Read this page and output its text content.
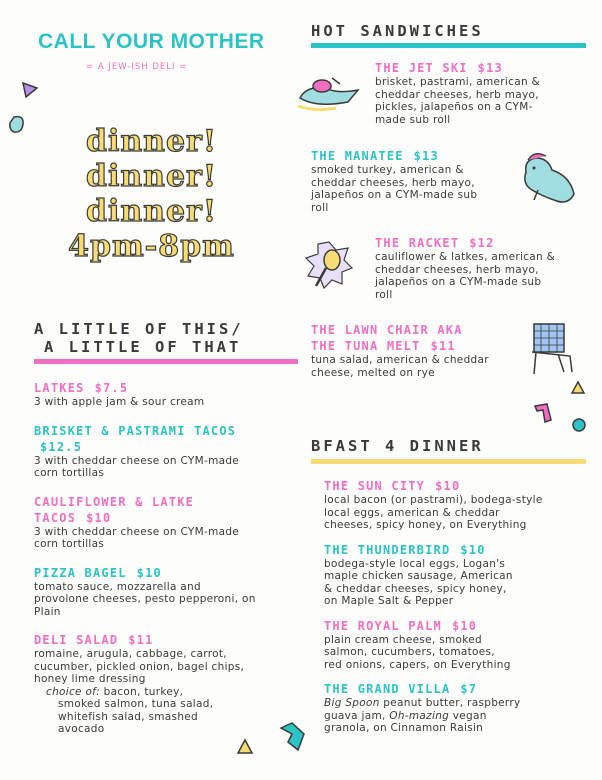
CALL YOUR MOTHER
= A JEW-ISH DELI =
dinner!
dinner!
dinner!
4pm-8pm
A LITTLE OF THIS/
A LITTLE OF THAT
LATKES $7.5
3 with apple jam & sour cream
BRISKET & PASTRAMI TACOS
$12.5
3 with cheddar cheese on CYM-made
corn tortillas
CAULIFLOWER & LATKE
TACOS $10
3 with cheddar cheese on CYM-made
corn tortillas
PIZZA BAGEL $10
tomato sauce, mozzarella and
provolone cheeses, pesto pepperoni, on
Plain
DELI SALAD $11
romaine, arugula, cabbage, carrot,
cucumber, pickled onion, bagel chips,
honey lime dressing
choice of: bacon, turkey,
smoked salmon, tuna salad,
whitefish salad, smashed
avocado
HOT SANDWICHES
THE JET SKI $13
brisket, pastrami, american &
cheddar cheeses, herb mayo,
pickles, jalapeños on a CYM-
made sub roll
THE MANATEE $13
smoked turkey, american &
cheddar cheeses, herb mayo,
jalapeños on a CYM-made sub
roll
THE RACKET $12
cauliflower & latkes, american &
cheddar cheeses, herb mayo,
jalapeños on a CYM-made sub
roll
THE LAWN CHAIR AKA
THE TUNA MELT $11
tuna salad, american & cheddar
cheese, melted on rye
BFAST 4 DINNER
THE SUN CITY $10
local bacon (or pastrami), bodega-style
local eggs, american & cheddar
cheeses, spicy honey, on Everything
THE THUNDERBIRD $10
bodega-style local eggs, Logan's
maple chicken sausage, American
& cheddar cheeses, spicy honey,
on Maple Salt & Pepper
THE ROYAL PALM $10
plain cream cheese, smoked
salmon, cucumbers, tomatoes,
red onions, capers, on Everything
THE GRAND VILLA $7
Big Spoon peanut butter, raspberry
guava jam, Oh-mazing vegan
granola, on Cinnamon Raisin
